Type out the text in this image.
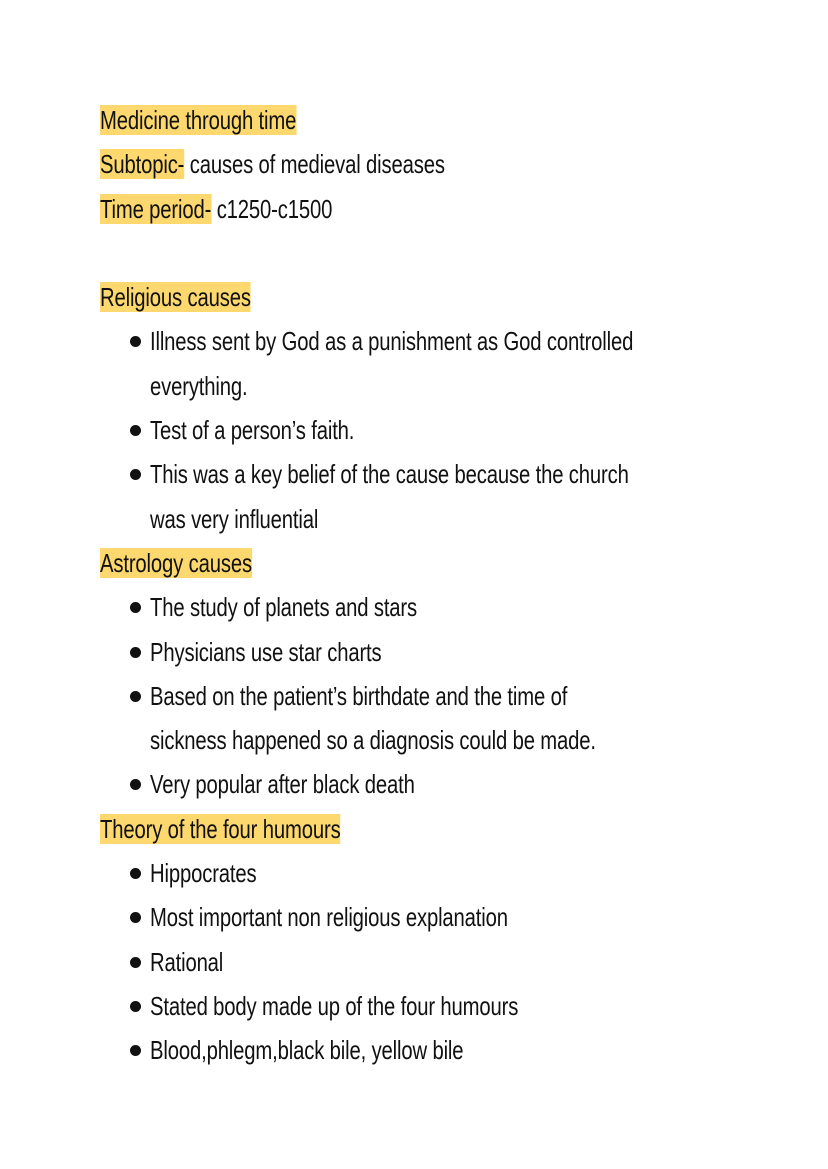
Medicine through time
Subtopic- causes of medieval diseases
Time period- c1250-c1500
Religious causes
Illness sent by God as a punishment as God controlled
everything.
Test of a person’s faith.
This was a key belief of the cause because the church
was very influential
Astrology causes
The study of planets and stars
Physicians use star charts
Based on the patient’s birthdate and the time of
sickness happened so a diagnosis could be made.
Very popular after black death
Theory of the four humours
Hippocrates
Most important non religious explanation
Rational
Stated body made up of the four humours
Blood,phlegm,black bile, yellow bile
